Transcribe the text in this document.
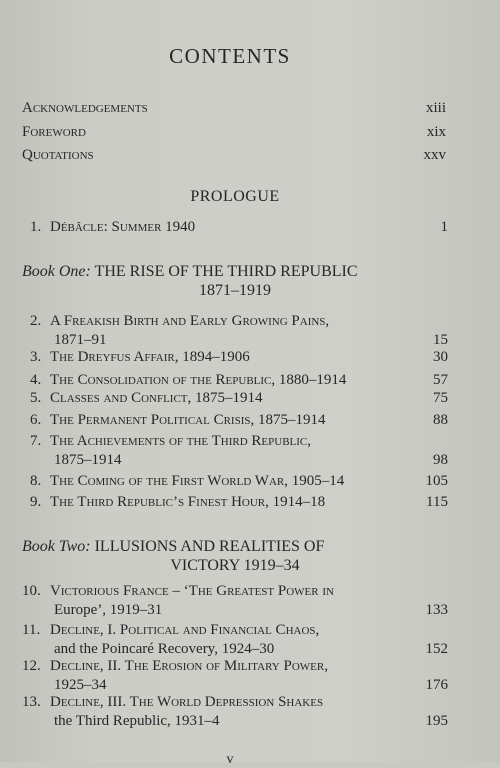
CONTENTS
Acknowledgements	xiii
Foreword	xix
Quotations	xxv
PROLOGUE
1. Débâcle: Summer 1940	1
Book One: THE RISE OF THE THIRD REPUBLIC
1871–1919
2. A Freakish Birth and Early Growing Pains,
1871–91	15
3. The Dreyfus Affair, 1894–1906	30
4. The Consolidation of the Republic, 1880–1914	57
5. Classes and Conflict, 1875–1914	75
6. The Permanent Political Crisis, 1875–1914	88
7. The Achievements of the Third Republic,
1875–1914	98
8. The Coming of the First World War, 1905–14	105
9. The Third Republic’s Finest Hour, 1914–18	115
Book Two: ILLUSIONS AND REALITIES OF
VICTORY 1919–34
10. Victorious France – ‘The Greatest Power in
Europe’, 1919–31	133
11. Decline, I. Political and Financial Chaos,
and the Poincaré Recovery, 1924–30	152
12. Decline, II. The Erosion of Military Power,
1925–34	176
13. Decline, III. The World Depression Shakes
the Third Republic, 1931–4	195
v
